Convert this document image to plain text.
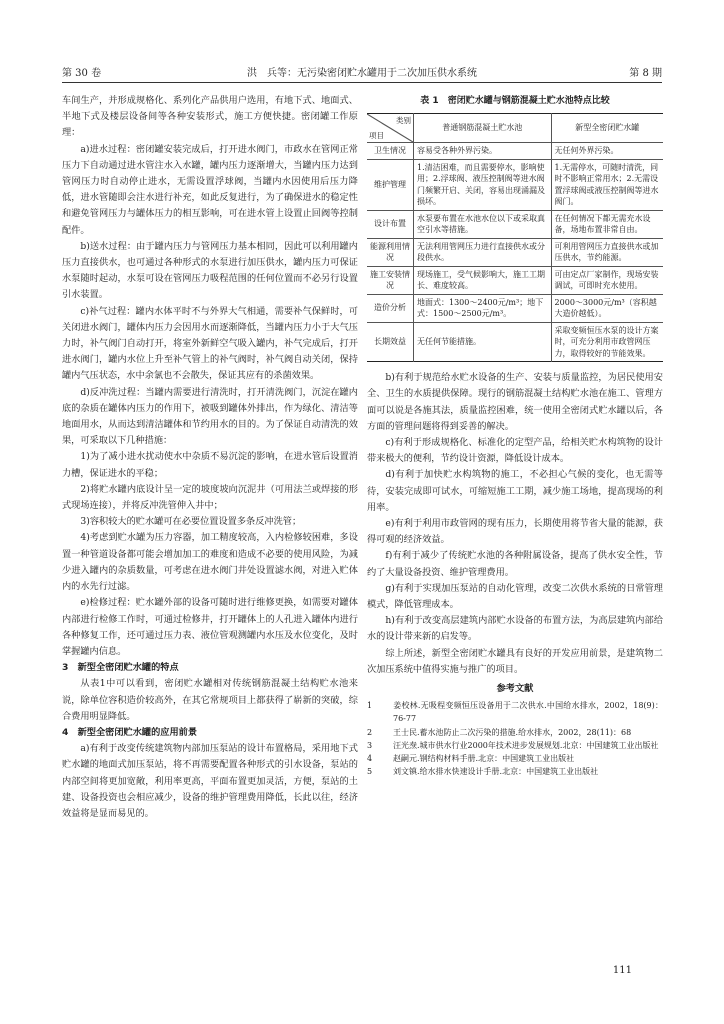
第 30 卷	洪　兵等：无污染密闭贮水罐用于二次加压供水系统	第 8 期

车间生产，并形成规格化、系列化产品供用户选用，有地下式、地面式、半地下式及楼层设备间等各种安装形式，施工方便快捷。密闭罐工作原理：

a)进水过程：密闭罐安装完成后，打开进水阀门，市政水在管网正常压力下自动通过进水管注水入水罐，罐内压力逐渐增大，当罐内压力达到管网压力时自动停止进水，无需设置浮球阀，当罐内水因使用后压力降低，进水管随即会注水进行补充，如此反复进行，为了确保进水的稳定性和避免管网压力与罐体压力的相互影响，可在进水管上设置止回阀等控制配件。

b)送水过程：由于罐内压力与管网压力基本相同，因此可以利用罐内压力直接供水，也可通过各种形式的水泵进行加压供水，罐内压力可保证水泵随时起动，水泵可设在管网压力吸程范围的任何位置而不必另行设置引水装置。

c)补气过程：罐内水体平时不与外界大气相通，需要补气保鲜时，可关闭进水阀门，罐体内压力会因用水而逐渐降低，当罐内压力小于大气压力时，补气阀门自动打开，将室外新鲜空气吸入罐内，补气完成后，打开进水阀门，罐内水位上升至补气管上的补气阀时，补气阀自动关闭，保持罐内气压状态，水中余氯也不会散失，保证其应有的杀菌效果。

d)反冲洗过程：当罐内需要进行清洗时，打开清洗阀门，沉淀在罐内底的杂质在罐体内压力的作用下，被吸到罐体外排出，作为绿化、清洁等地面用水，从而达到清洁罐体和节约用水的目的。为了保证自动清洗的效果，可采取以下几种措施：

1)为了减小进水扰动使水中杂质不易沉淀的影响，在进水管后设置消力槽，保证进水的平稳；

2)将贮水罐内底设计呈一定的坡度坡向沉泥井（可用法兰或焊接的形式现场连接），并将反冲洗管伸入井中；

3)容积较大的贮水罐可在必要位置设置多条反冲洗管；

4)考虑到贮水罐为压力容器，加工精度较高，入内检修较困难，多设置一种管道设备都可能会增加加工的难度和造成不必要的使用风险，为减少进入罐内的杂质数量，可考虑在进水阀门井处设置滤水阀，对进入贮体内的水先行过滤。

e)检修过程：贮水罐外部的设备可随时进行维修更换，如需要对罐体内部进行检修工作时，可通过检修井，打开罐体上的人孔进入罐体内进行各种修复工作，还可通过压力表、液位管观测罐内水压及水位变化，及时掌握罐内信息。

3　新型全密闭贮水罐的特点

从表1中可以看到，密闭贮水罐相对传统钢筋混凝土结构贮水池来说，除单位容积造价较高外，在其它常规项目上都获得了崭新的突破，综合费用明显降低。

4　新型全密闭贮水罐的应用前景

a)有利于改变传统建筑物内部加压泵站的设计布置格局，采用地下式贮水罐的地面式加压泵站，将不再需要配置各种形式的引水设备，泵站的内部空间将更加宽敞，利用率更高，平面布置更加灵活，方便，泵站的土建、设备投资也会相应减少，设备的维护管理费用降低，长此以往，经济效益将是显而易见的。

表 1　密闭贮水罐与钢筋混凝土贮水池特点比较
类别
项目	普通钢筋混凝土贮水池	新型全密闭贮水罐
卫生情况	容易受各种外界污染。	无任何外界污染。
维护管理	1.清洁困难，而且需要停水，影响使用；2.浮球阀、液压控制阀等进水阀门频繁开启、关闭，容易出现涌漏及损坏。	1.无需停水，可随时清洗，同时不影响正常用水；2.无需设置浮球阀或液压控制阀等进水阀门。
设计布置	水泵要布置在水池水位以下或采取真空引水等措施。	在任何情况下都无需充水设备，场地布置非常自由。
能源利用情况	无法利用管网压力进行直接供水或分段供水。	可利用管网压力直接供水或加压供水，节约能源。
施工安装情况	现场施工，受气候影响大，施工工期长、难度较高。	可由定点厂家制作，现场安装调试，可即时充水使用。
造价分析	地面式：1300～2400元/m³；地下式：1500～2500元/m³。	2000～3000元/m³（容积越大造价越低）。
长期效益	无任何节能措施。	采取变频恒压水泵的设计方案时，可充分利用市政管网压力，取得较好的节能效果。

b)有利于规范给水贮水设备的生产、安装与质量监控，为居民使用安全、卫生的水质提供保障。现行的钢筋混凝土结构贮水池在施工、管理方面可以说是各施其法，质量监控困难，统一使用全密闭式贮水罐以后，各方面的管理问题将得到妥善的解决。

c)有利于形成规格化、标准化的定型产品，给相关贮水构筑物的设计带来极大的便利，节约设计资源，降低设计成本。

d)有利于加快贮水构筑物的施工，不必担心气候的变化，也无需等待，安装完成即可试水，可缩短施工工期，减少施工场地，提高现场的利用率。

e)有利于利用市政管网的现有压力，长期使用将节省大量的能源，获得可观的经济效益。

f)有利于减少了传统贮水池的各种附属设备，提高了供水安全性，节约了大量设备投资、维护管理费用。

g)有利于实现加压泵站的自动化管理，改变二次供水系统的日常管理模式，降低管理成本。

h)有利于改变高层建筑内部贮水设备的布置方法，为高层建筑内部给水的设计带来新的启发等。

综上所述，新型全密闭贮水罐具有良好的开发应用前景，是建筑物二次加压系统中值得实施与推广的项目。

参考文献

1	姜校林.无吸程变频恒压设备用于二次供水.中国给水排水，2002，18(9)：76-77

2	王士民.蓄水池防止二次污染的措施.给水排水，2002，28(11)：68

3	汪光焘.城市供水行业2000年技术进步发展规划.北京：中国建筑工业出版社

4	赵嗣元.钢结构材料手册.北京：中国建筑工业出版社

5	刘文镇.给水排水快速设计手册.北京：中国建筑工业出版社

111
